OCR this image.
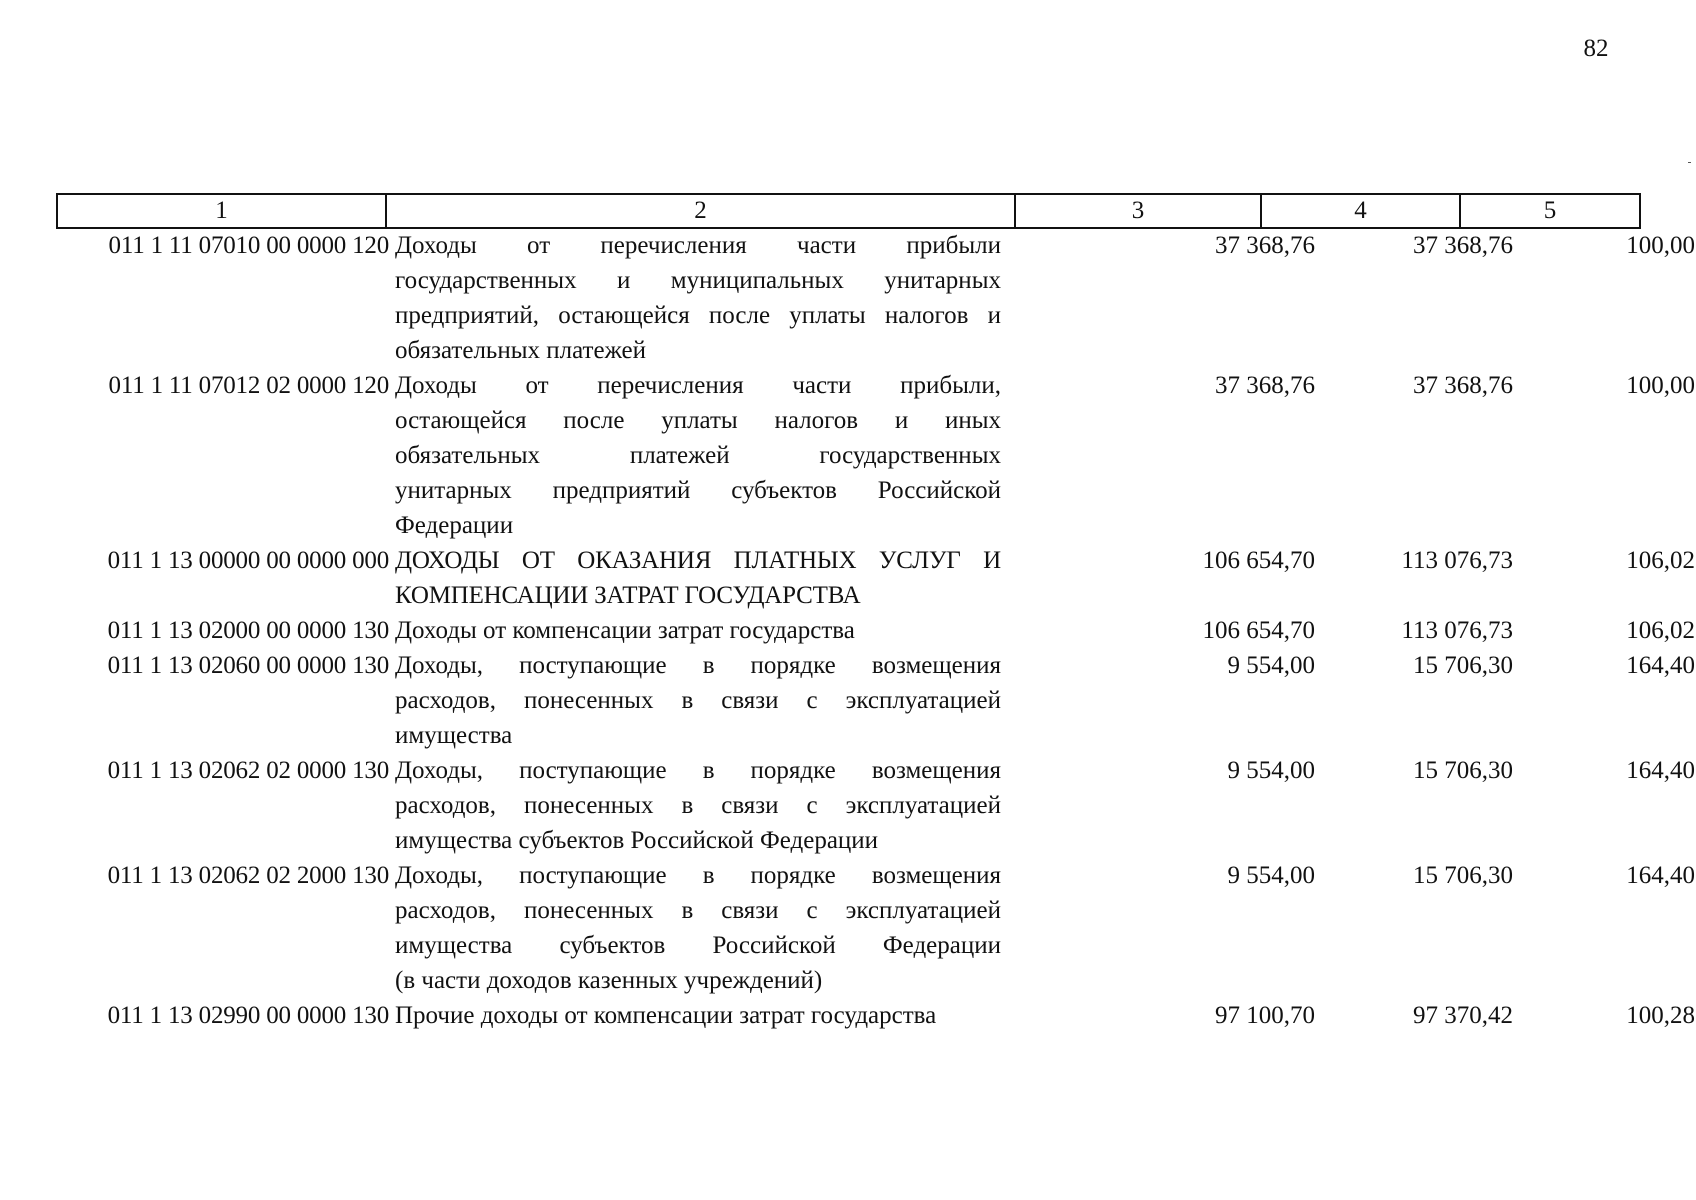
82
1	2	3	4	5
011 1 11 07010 00 0000 120 Доходы от перечисления части прибыли
государственных и муниципальных унитарных
предприятий, остающейся после уплаты налогов и
обязательных платежей
37 368,76	37 368,76	100,00
011 1 11 07012 02 0000 120 Доходы от перечисления части прибыли,
остающейся после уплаты налогов и иных
обязательных платежей государственных
унитарных предприятий субъектов Российской
Федерации
37 368,76	37 368,76	100,00
011 1 13 00000 00 0000 000 ДОХОДЫ ОТ ОКАЗАНИЯ ПЛАТНЫХ УСЛУГ И
КОМПЕНСАЦИИ ЗАТРАТ ГОСУДАРСТВА
106 654,70	113 076,73	106,02
011 1 13 02000 00 0000 130 Доходы от компенсации затрат государства	106 654,70	113 076,73	106,02
011 1 13 02060 00 0000 130 Доходы, поступающие в порядке возмещения
расходов, понесенных в связи с эксплуатацией
имущества
9 554,00	15 706,30	164,40
011 1 13 02062 02 0000 130 Доходы, поступающие в порядке возмещения
расходов, понесенных в связи с эксплуатацией
имущества субъектов Российской Федерации
9 554,00	15 706,30	164,40
011 1 13 02062 02 2000 130 Доходы, поступающие в порядке возмещения
расходов, понесенных в связи с эксплуатацией
имущества субъектов Российской Федерации
(в части доходов казенных учреждений)
9 554,00	15 706,30	164,40
011 1 13 02990 00 0000 130 Прочие доходы от компенсации затрат государства	97 100,70	97 370,42	100,28
